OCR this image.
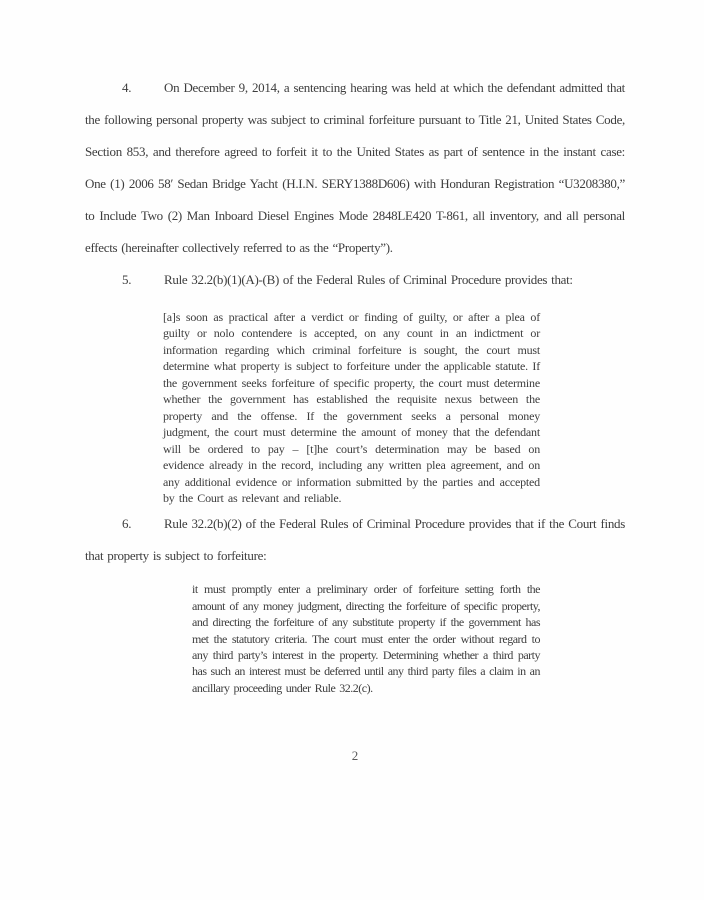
4.	On December 9, 2014, a sentencing hearing was held at which the defendant admitted that the following personal property was subject to criminal forfeiture pursuant to Title 21, United States Code, Section 853, and therefore agreed to forfeit it to the United States as part of sentence in the instant case: One (1) 2006 58′ Sedan Bridge Yacht (H.I.N. SERY1388D606) with Honduran Registration “U3208380,” to Include Two (2) Man Inboard Diesel Engines Mode 2848LE420 T-861, all inventory, and all personal effects (hereinafter collectively referred to as the “Property”).

5.	Rule 32.2(b)(1)(A)-(B) of the Federal Rules of Criminal Procedure provides that:

[a]s soon as practical after a verdict or finding of guilty, or after a plea of guilty or nolo contendere is accepted, on any count in an indictment or information regarding which criminal forfeiture is sought, the court must determine what property is subject to forfeiture under the applicable statute. If the government seeks forfeiture of specific property, the court must determine whether the government has established the requisite nexus between the property and the offense. If the government seeks a personal money judgment, the court must determine the amount of money that the defendant will be ordered to pay – [t]he court’s determination may be based on evidence already in the record, including any written plea agreement, and on any additional evidence or information submitted by the parties and accepted by the Court as relevant and reliable.

6.	Rule 32.2(b)(2) of the Federal Rules of Criminal Procedure provides that if the Court finds that property is subject to forfeiture:

it must promptly enter a preliminary order of forfeiture setting forth the amount of any money judgment, directing the forfeiture of specific property, and directing the forfeiture of any substitute property if the government has met the statutory criteria. The court must enter the order without regard to any third party’s interest in the property. Determining whether a third party has such an interest must be deferred until any third party files a claim in an ancillary proceeding under Rule 32.2(c).
2
